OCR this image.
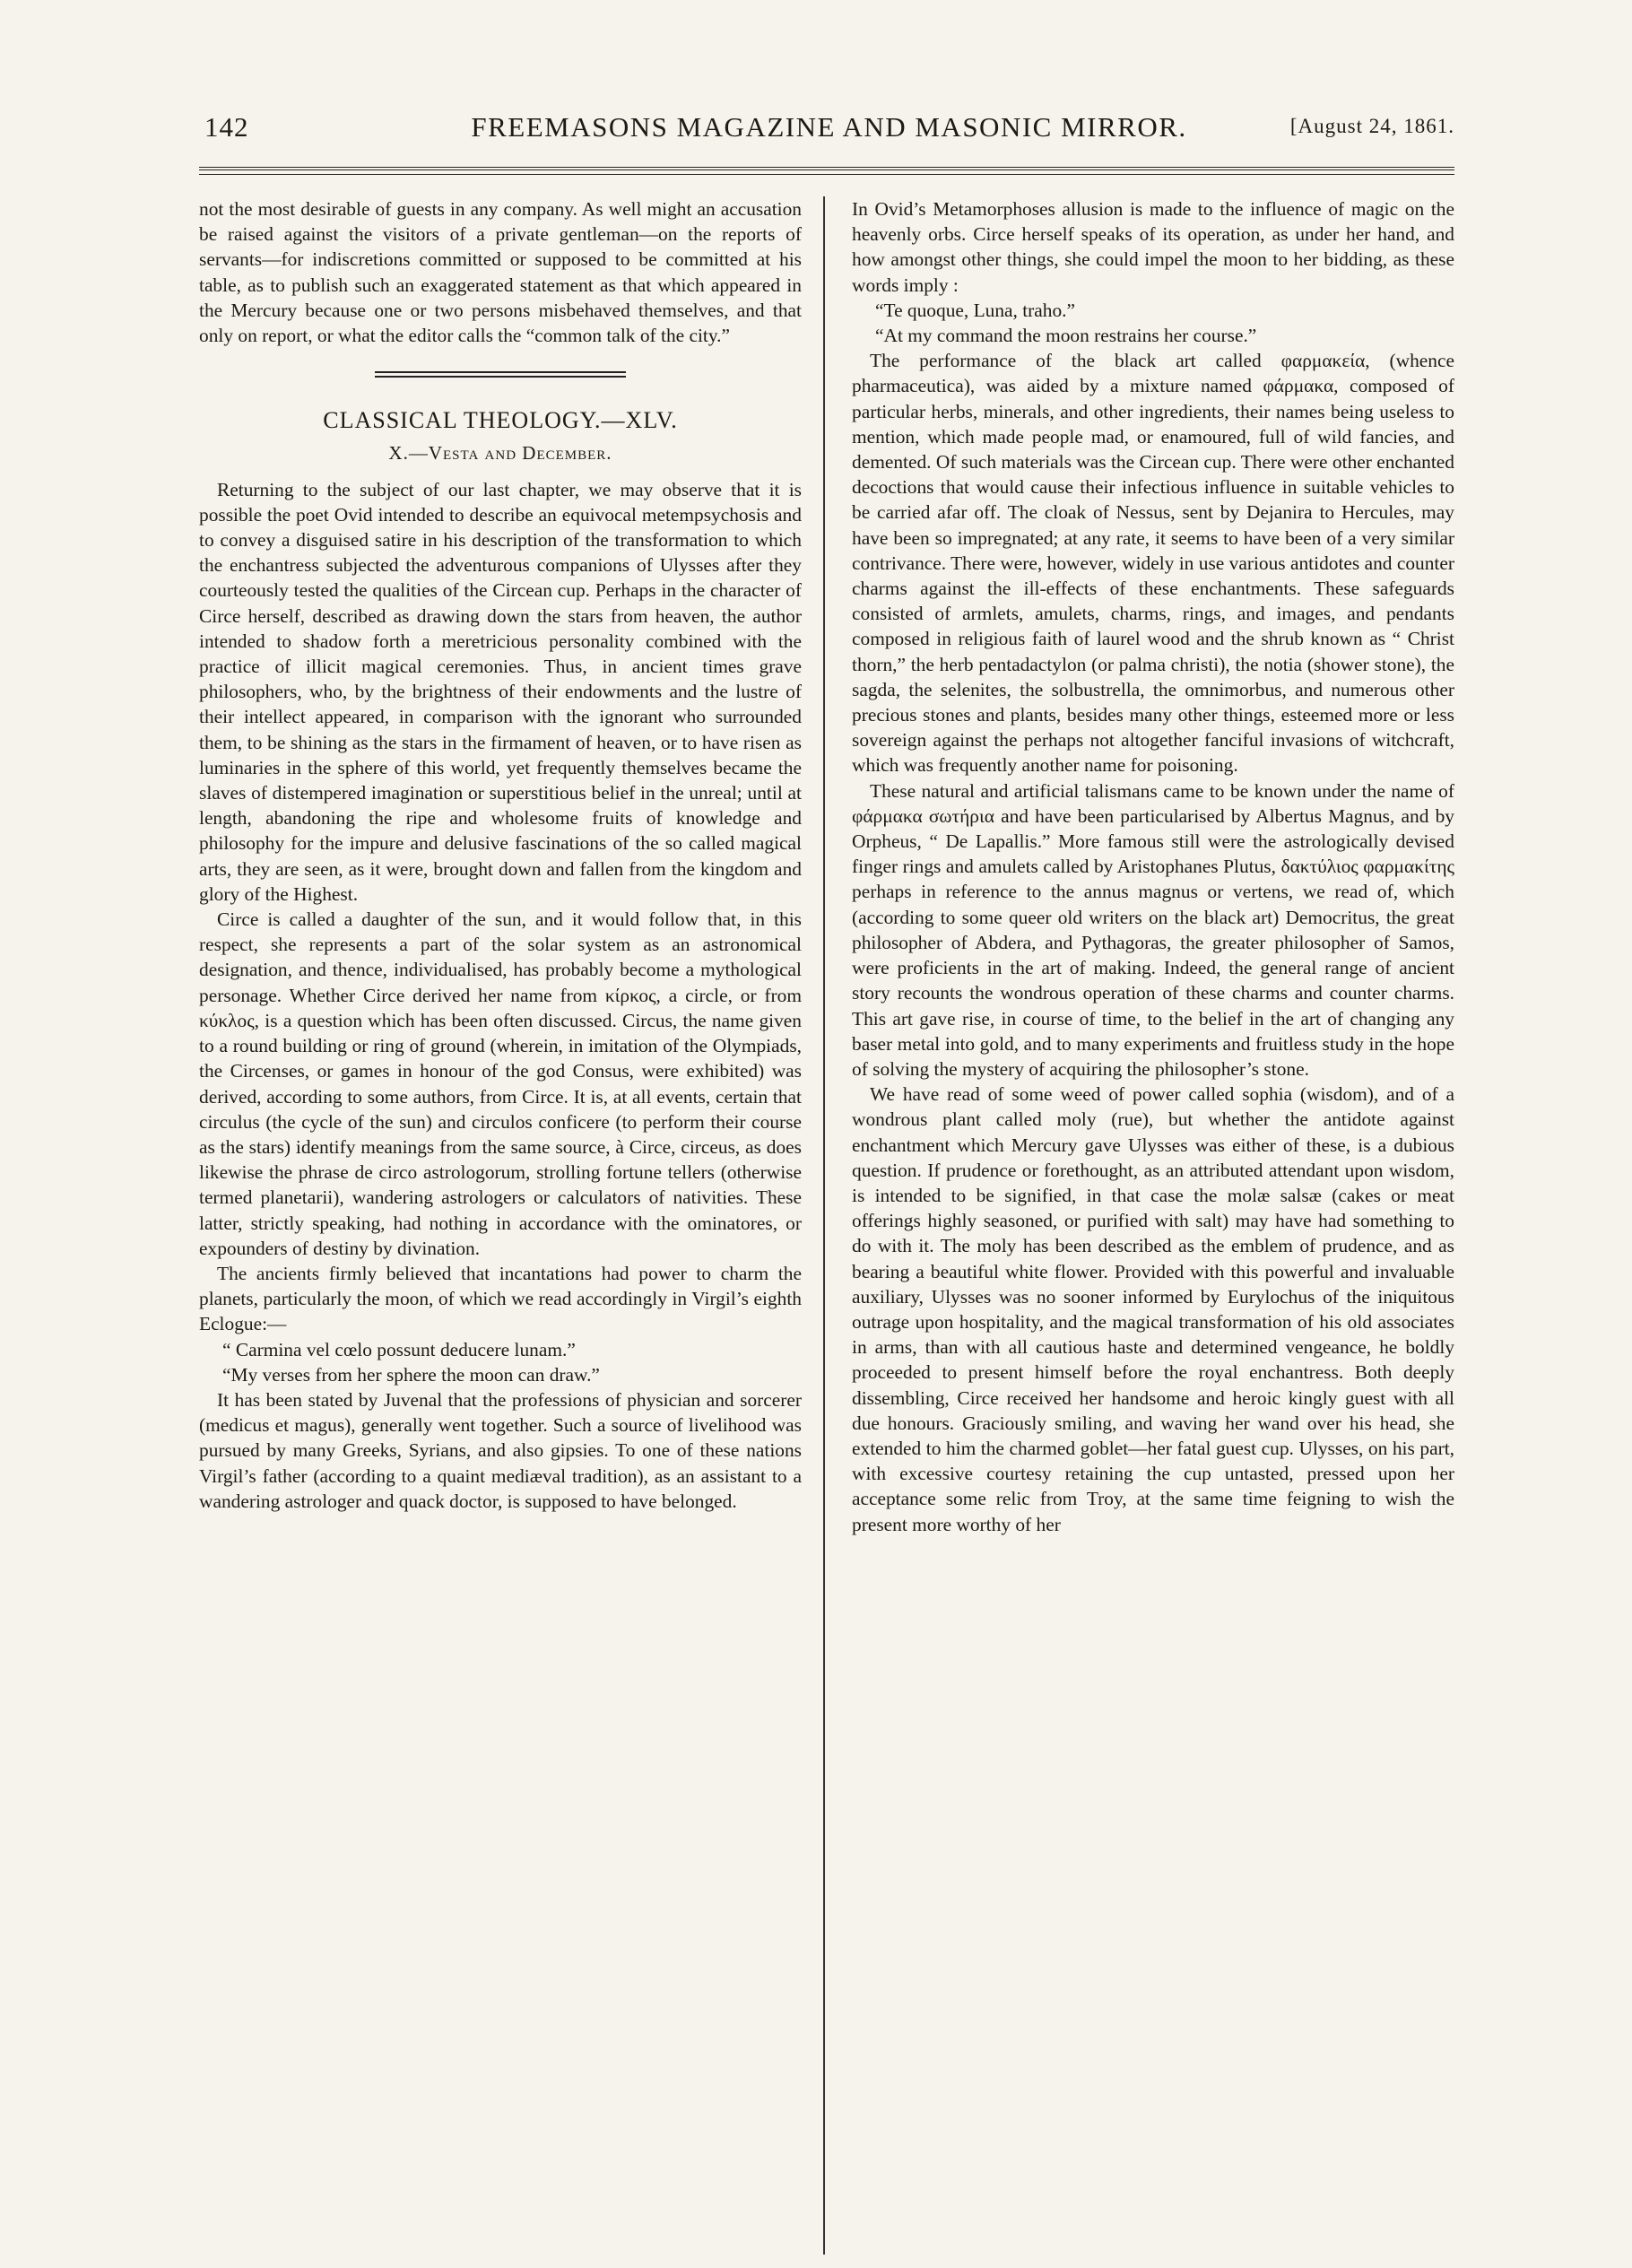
142	FREEMASONS MAGAZINE AND MASONIC MIRROR.	[August 24, 1861.

not the most desirable of guests in any company. As well might an accusation be raised against the visitors of a private gentleman—on the reports of servants—for indiscretions committed or supposed to be committed at his table, as to publish such an exaggerated statement as that which appeared in the Mercury because one or two persons misbehaved themselves, and that only on report, or what the editor calls the “common talk of the city.”

CLASSICAL THEOLOGY.—XLV.
X.—Vesta and December.

Returning to the subject of our last chapter, we may observe that it is possible the poet Ovid intended to describe an equivocal metempsychosis and to convey a disguised satire in his description of the transformation to which the enchantress subjected the adventurous companions of Ulysses after they courteously tested the qualities of the Circean cup. Perhaps in the character of Circe herself, described as drawing down the stars from heaven, the author intended to shadow forth a meretricious personality combined with the practice of illicit magical ceremonies. Thus, in ancient times grave philosophers, who, by the brightness of their endowments and the lustre of their intellect appeared, in comparison with the ignorant who surrounded them, to be shining as the stars in the firmament of heaven, or to have risen as luminaries in the sphere of this world, yet frequently themselves became the slaves of distempered imagination or superstitious belief in the unreal; until at length, abandoning the ripe and wholesome fruits of knowledge and philosophy for the impure and delusive fascinations of the so called magical arts, they are seen, as it were, brought down and fallen from the kingdom and glory of the Highest.

Circe is called a daughter of the sun, and it would follow that, in this respect, she represents a part of the solar system as an astronomical designation, and thence, individualised, has probably become a mythological personage. Whether Circe derived her name from κίρκος, a circle, or from κύκλος, is a question which has been often discussed. Circus, the name given to a round building or ring of ground (wherein, in imitation of the Olympiads, the Circenses, or games in honour of the god Consus, were exhibited) was derived, according to some authors, from Circe. It is, at all events, certain that circulus (the cycle of the sun) and circulos conficere (to perform their course as the stars) identify meanings from the same source, à Circe, circeus, as does likewise the phrase de circo astrologorum, strolling fortune tellers (otherwise termed planetarii), wandering astrologers or calculators of nativities. These latter, strictly speaking, had nothing in accordance with the ominatores, or expounders of destiny by divination.

The ancients firmly believed that incantations had power to charm the planets, particularly the moon, of which we read accordingly in Virgil’s eighth Eclogue:—

“ Carmina vel cœlo possunt deducere lunam.”

“My verses from her sphere the moon can draw.”

It has been stated by Juvenal that the professions of physician and sorcerer (medicus et magus), generally went together. Such a source of livelihood was pursued by many Greeks, Syrians, and also gipsies. To one of these nations Virgil’s father (according to a quaint mediæval tradition), as an assistant to a wandering astrologer and quack doctor, is supposed to have belonged.

In Ovid’s Metamorphoses allusion is made to the influence of magic on the heavenly orbs. Circe herself speaks of its operation, as under her hand, and how amongst other things, she could impel the moon to her bidding, as these words imply :

“Te quoque, Luna, traho.”

“At my command the moon restrains her course.”

The performance of the black art called φαρμακεία, (whence pharmaceutica), was aided by a mixture named φάρμακα, composed of particular herbs, minerals, and other ingredients, their names being useless to mention, which made people mad, or enamoured, full of wild fancies, and demented. Of such materials was the Circean cup. There were other enchanted decoctions that would cause their infectious influence in suitable vehicles to be carried afar off. The cloak of Nessus, sent by Dejanira to Hercules, may have been so impregnated; at any rate, it seems to have been of a very similar contrivance. There were, however, widely in use various antidotes and counter charms against the ill-effects of these enchantments. These safeguards consisted of armlets, amulets, charms, rings, and images, and pendants composed in religious faith of laurel wood and the shrub known as “ Christ thorn,” the herb pentadactylon (or palma christi), the notia (shower stone), the sagda, the selenites, the solbustrella, the omnimorbus, and numerous other precious stones and plants, besides many other things, esteemed more or less sovereign against the perhaps not altogether fanciful invasions of witchcraft, which was frequently another name for poisoning.

These natural and artificial talismans came to be known under the name of φάρμακα σωτήρια and have been particularised by Albertus Magnus, and by Orpheus, “ De Lapallis.” More famous still were the astrologically devised finger rings and amulets called by Aristophanes Plutus, δακτύλιος φαρμακίτης perhaps in reference to the annus magnus or vertens, we read of, which (according to some queer old writers on the black art) Democritus, the great philosopher of Abdera, and Pythagoras, the greater philosopher of Samos, were proficients in the art of making. Indeed, the general range of ancient story recounts the wondrous operation of these charms and counter charms. This art gave rise, in course of time, to the belief in the art of changing any baser metal into gold, and to many experiments and fruitless study in the hope of solving the mystery of acquiring the philosopher’s stone.

We have read of some weed of power called sophia (wisdom), and of a wondrous plant called moly (rue), but whether the antidote against enchantment which Mercury gave Ulysses was either of these, is a dubious question. If prudence or forethought, as an attributed attendant upon wisdom, is intended to be signified, in that case the molæ salsæ (cakes or meat offerings highly seasoned, or purified with salt) may have had something to do with it. The moly has been described as the emblem of prudence, and as bearing a beautiful white flower. Provided with this powerful and invaluable auxiliary, Ulysses was no sooner informed by Eurylochus of the iniquitous outrage upon hospitality, and the magical transformation of his old associates in arms, than with all cautious haste and determined vengeance, he boldly proceeded to present himself before the royal enchantress. Both deeply dissembling, Circe received her handsome and heroic kingly guest with all due honours. Graciously smiling, and waving her wand over his head, she extended to him the charmed goblet—her fatal guest cup. Ulysses, on his part, with excessive courtesy retaining the cup untasted, pressed upon her acceptance some relic from Troy, at the same time feigning to wish the present more worthy of her
